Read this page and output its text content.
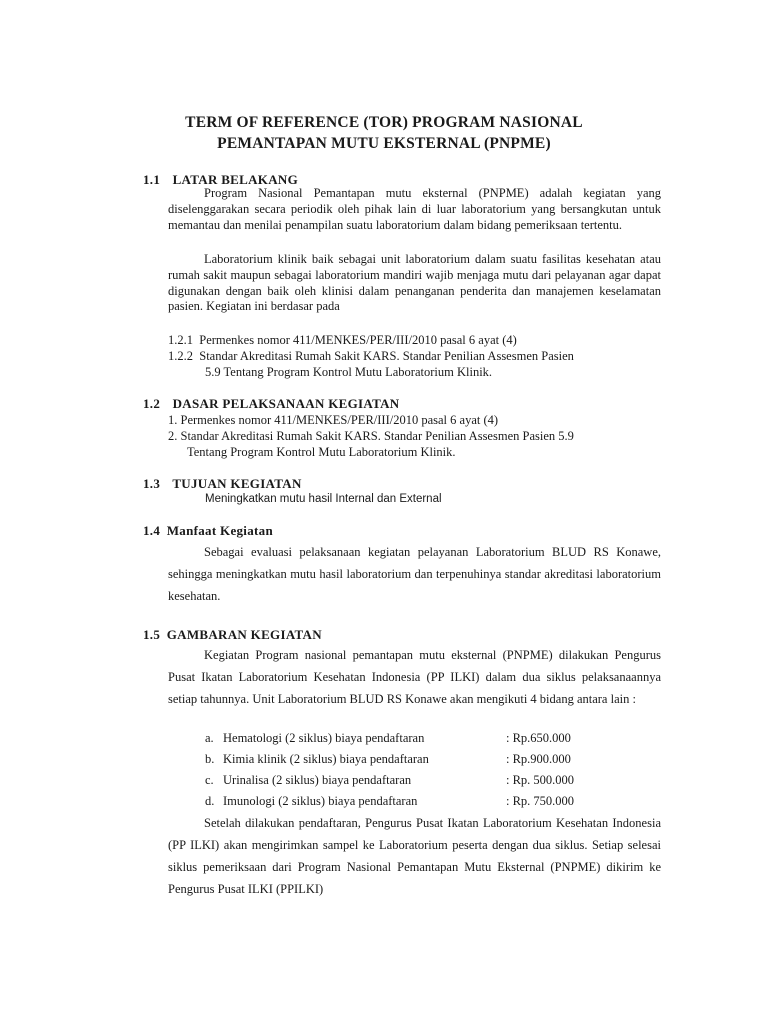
TERM OF REFERENCE (TOR) PROGRAM NASIONAL
PEMANTAPAN MUTU EKSTERNAL (PNPME)
1.1 LATAR BELAKANG
Program Nasional Pemantapan mutu eksternal (PNPME) adalah kegiatan yang diselenggarakan secara periodik oleh pihak lain di luar laboratorium yang bersangkutan untuk memantau dan menilai penampilan suatu laboratorium dalam bidang pemeriksaan tertentu.
Laboratorium klinik baik sebagai unit laboratorium dalam suatu fasilitas kesehatan atau rumah sakit maupun sebagai laboratorium mandiri wajib menjaga mutu dari pelayanan agar dapat digunakan dengan baik oleh klinisi dalam penanganan penderita dan manajemen keselamatan pasien. Kegiatan ini berdasar pada
1.2.1 Permenkes nomor 411/MENKES/PER/III/2010 pasal 6 ayat (4)
1.2.2 Standar Akreditasi Rumah Sakit KARS. Standar Penilian Assesmen Pasien
5.9 Tentang Program Kontrol Mutu Laboratorium Klinik.
1.2 DASAR PELAKSANAAN KEGIATAN
1. Permenkes nomor 411/MENKES/PER/III/2010 pasal 6 ayat (4)
2. Standar Akreditasi Rumah Sakit KARS. Standar Penilian Assesmen Pasien 5.9
Tentang Program Kontrol Mutu Laboratorium Klinik.
1.3 TUJUAN KEGIATAN
Meningkatkan mutu hasil Internal dan External
1.4 Manfaat Kegiatan
Sebagai evaluasi pelaksanaan kegiatan pelayanan Laboratorium BLUD RS Konawe, sehingga meningkatkan mutu hasil laboratorium dan terpenuhinya standar akreditasi laboratorium kesehatan.
1.5 GAMBARAN KEGIATAN
Kegiatan Program nasional pemantapan mutu eksternal (PNPME) dilakukan Pengurus Pusat Ikatan Laboratorium Kesehatan Indonesia (PP ILKI) dalam dua siklus pelaksanaannya setiap tahunnya. Unit Laboratorium BLUD RS Konawe akan mengikuti 4 bidang antara lain :
a. Hematologi (2 siklus) biaya pendaftaran	: Rp.650.000
b. Kimia klinik (2 siklus) biaya pendaftaran	: Rp.900.000
c. Urinalisa (2 siklus) biaya pendaftaran	: Rp. 500.000
d. Imunologi (2 siklus) biaya pendaftaran	: Rp. 750.000
Setelah dilakukan pendaftaran, Pengurus Pusat Ikatan Laboratorium Kesehatan Indonesia (PP ILKI) akan mengirimkan sampel ke Laboratorium peserta dengan dua siklus. Setiap selesai siklus pemeriksaan dari Program Nasional Pemantapan Mutu Eksternal (PNPME) dikirim ke Pengurus Pusat ILKI (PPILKI)
